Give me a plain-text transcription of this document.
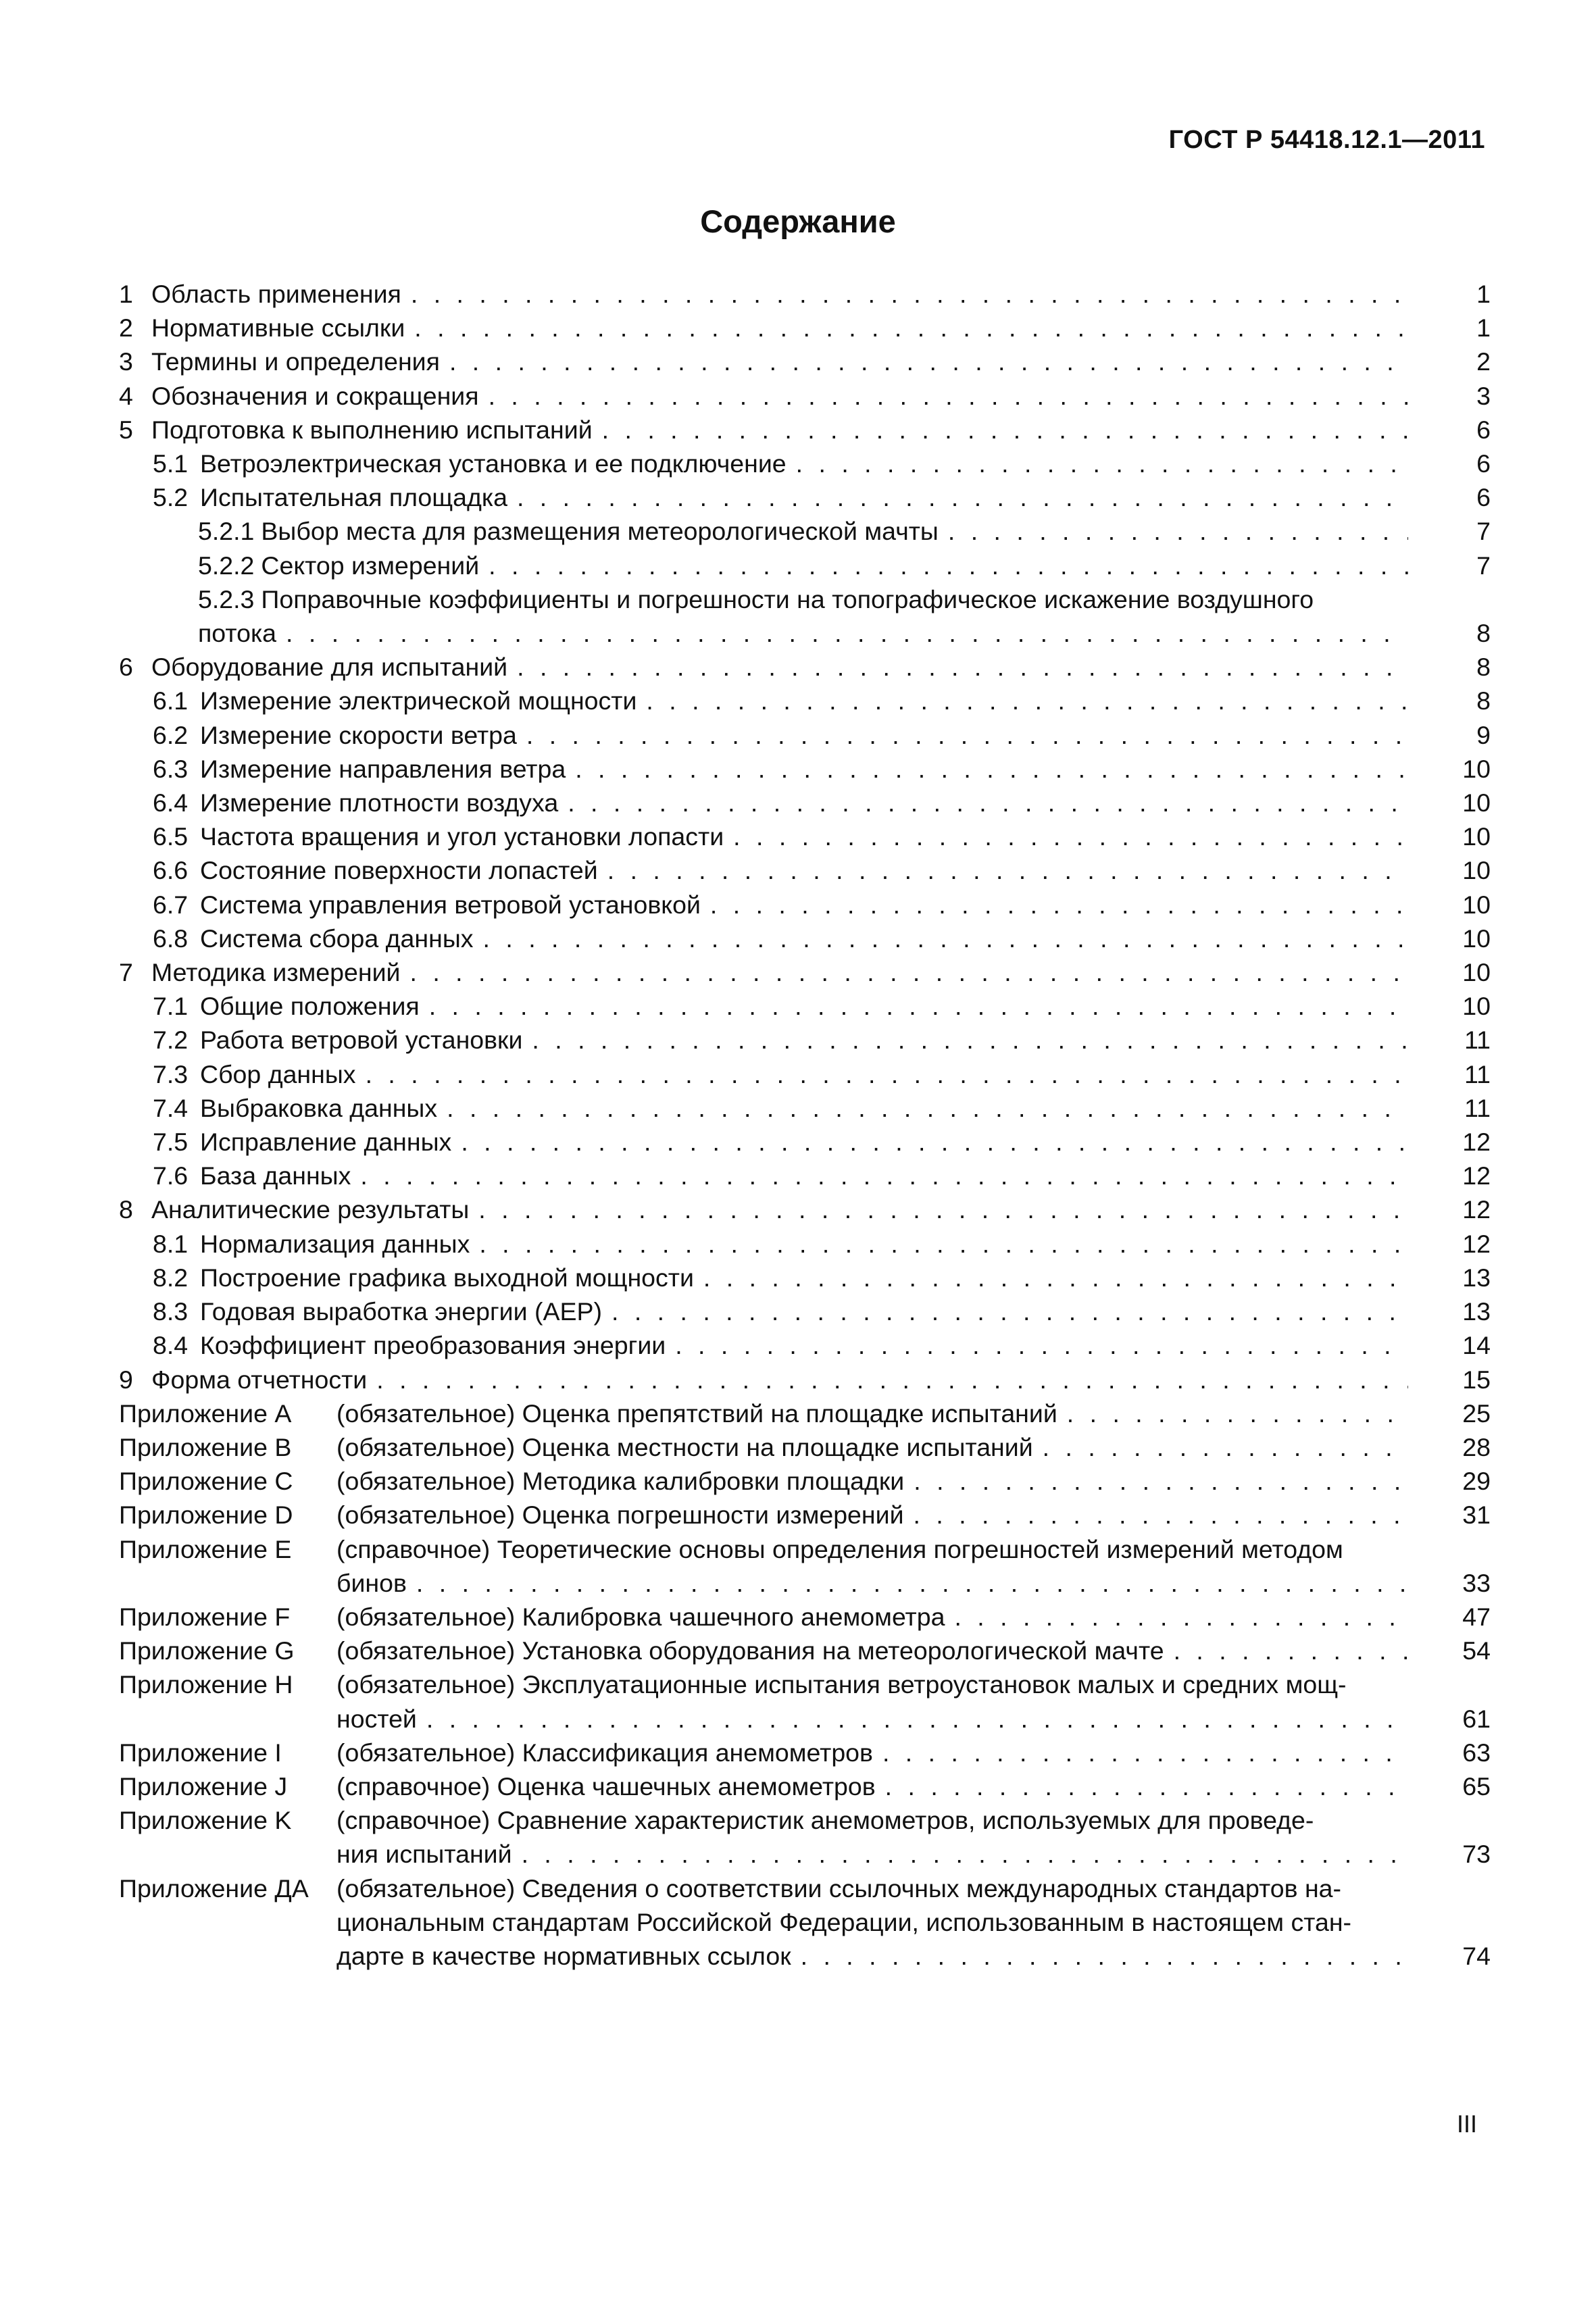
ГОСТ Р 54418.12.1—2011
Содержание
1 Область применения . . .	1
2 Нормативные ссылки . . .	1
3 Термины и определения . . .	2
4 Обозначения и сокращения . . .	3
5 Подготовка к выполнению испытаний . . .	6
5.1 Ветроэлектрическая установка и ее подключение . . .	6
5.2 Испытательная площадка . . .	6
5.2.1 Выбор места для размещения метеорологической мачты . . .	7
5.2.2 Сектор измерений . . .	7
5.2.3 Поправочные коэффициенты и погрешности на топографическое искажение воздушного
потока . . .	8
6 Оборудование для испытаний . . .	8
6.1 Измерение электрической мощности . . .	8
6.2 Измерение скорости ветра . . .	9
6.3 Измерение направления ветра . . .	10
6.4 Измерение плотности воздуха . . .	10
6.5 Частота вращения и угол установки лопасти . . .	10
6.6 Состояние поверхности лопастей . . .	10
6.7 Система управления ветровой установкой . . .	10
6.8 Система сбора данных . . .	10
7 Методика измерений . . .	10
7.1 Общие положения . . .	10
7.2 Работа ветровой установки . . .	11
7.3 Сбор данных . . .	11
7.4 Выбраковка данных . . .	11
7.5 Исправление данных . . .	12
7.6 База данных . . .	12
8 Аналитические результаты . . .	12
8.1 Нормализация данных . . .	12
8.2 Построение графика выходной мощности . . .	13
8.3 Годовая выработка энергии (AEP) . . .	13
8.4 Коэффициент преобразования энергии . . .	14
9 Форма отчетности . . .	15
Приложение A (обязательное) Оценка препятствий на площадке испытаний . . .	25
Приложение B (обязательное) Оценка местности на площадке испытаний . . .	28
Приложение C (обязательное) Методика калибровки площадки . . .	29
Приложение D (обязательное) Оценка погрешности измерений . . .	31
Приложение E (справочное) Теоретические основы определения погрешностей измерений методом
бинов . . .	33
Приложение F (обязательное) Калибровка чашечного анемометра . . .	47
Приложение G (обязательное) Установка оборудования на метеорологической мачте . . .	54
Приложение H (обязательное) Эксплуатационные испытания ветроустановок малых и средних мощ-
ностей . . .	61
Приложение I (обязательное) Классификация анемометров . . .	63
Приложение J (справочное) Оценка чашечных анемометров . . .	65
Приложение K (справочное) Сравнение характеристик анемометров, используемых для проведе-
ния испытаний . . .	73
Приложение ДА (обязательное) Сведения о соответствии ссылочных международных стандартов на-
циональным стандартам Российской Федерации, использованным в настоящем стан-
дарте в качестве нормативных ссылок . . .	74
III
